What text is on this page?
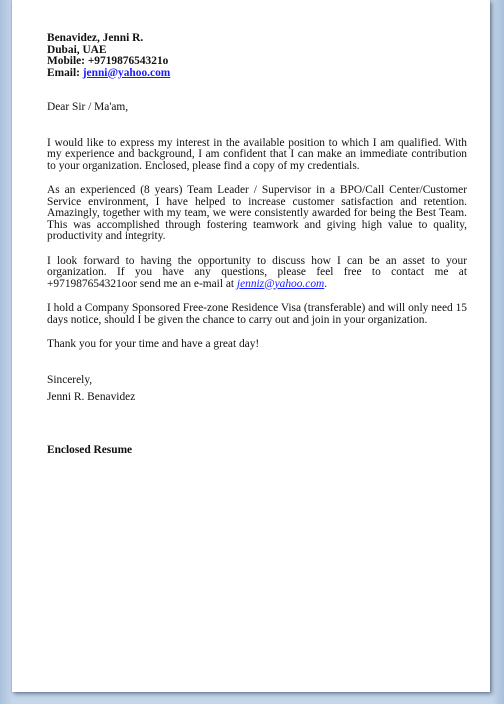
Benavidez, Jenni R.
Dubai, UAE
Mobile: +971987654321o
Email: jenni@yahoo.com

Dear Sir / Ma'am,

I would like to express my interest in the available position to which I am qualified. With my experience and background, I am confident that I can make an immediate contribution to your organization. Enclosed, please find a copy of my credentials.

As an experienced (8 years) Team Leader / Supervisor in a BPO/Call Center/Customer Service environment, I have helped to increase customer satisfaction and retention. Amazingly, together with my team, we were consistently awarded for being the Best Team. This was accomplished through fostering teamwork and giving high value to quality, productivity and integrity.

I look forward to having the opportunity to discuss how I can be an asset to your organization. If you have any questions, please feel free to contact me at +971987654321oor send me an e-mail at jenniz@yahoo.com.

I hold a Company Sponsored Free-zone Residence Visa (transferable) and will only need 15 days notice, should I be given the chance to carry out and join in your organization.

Thank you for your time and have a great day!

Sincerely,

Jenni R. Benavidez

Enclosed Resume
